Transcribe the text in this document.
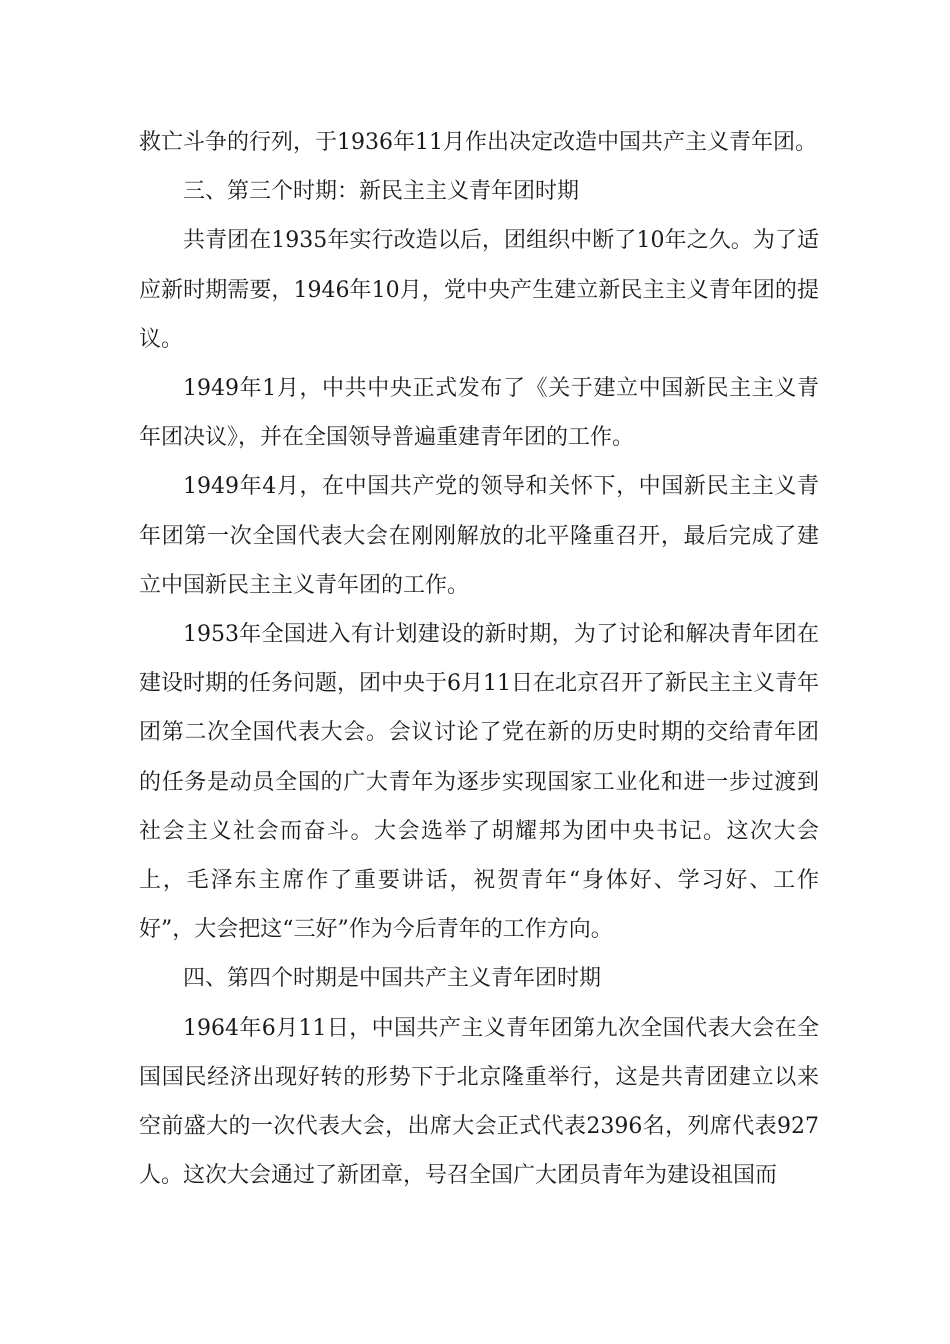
救亡斗争的行列，于1936年11月作出决定改造中国共产主义青年团。

三、第三个时期：新民主主义青年团时期

共青团在1935年实行改造以后，团组织中断了10年之久。为了适应新时期需要，1946年10月，党中央产生建立新民主主义青年团的提议。

1949年1月，中共中央正式发布了《关于建立中国新民主主义青年团决议》，并在全国领导普遍重建青年团的工作。

1949年4月，在中国共产党的领导和关怀下，中国新民主主义青年团第一次全国代表大会在刚刚解放的北平隆重召开，最后完成了建立中国新民主主义青年团的工作。

1953年全国进入有计划建设的新时期，为了讨论和解决青年团在建设时期的任务问题，团中央于6月11日在北京召开了新民主主义青年团第二次全国代表大会。会议讨论了党在新的历史时期的交给青年团的任务是动员全国的广大青年为逐步实现国家工业化和进一步过渡到社会主义社会而奋斗。大会选举了胡耀邦为团中央书记。这次大会上，毛泽东主席作了重要讲话，祝贺青年“身体好、学习好、工作好”，大会把这“三好”作为今后青年的工作方向。

四、第四个时期是中国共产主义青年团时期

1964年6月11日，中国共产主义青年团第九次全国代表大会在全国国民经济出现好转的形势下于北京隆重举行，这是共青团建立以来空前盛大的一次代表大会，出席大会正式代表2396名，列席代表927人。这次大会通过了新团章，号召全国广大团员青年为建设祖国而
